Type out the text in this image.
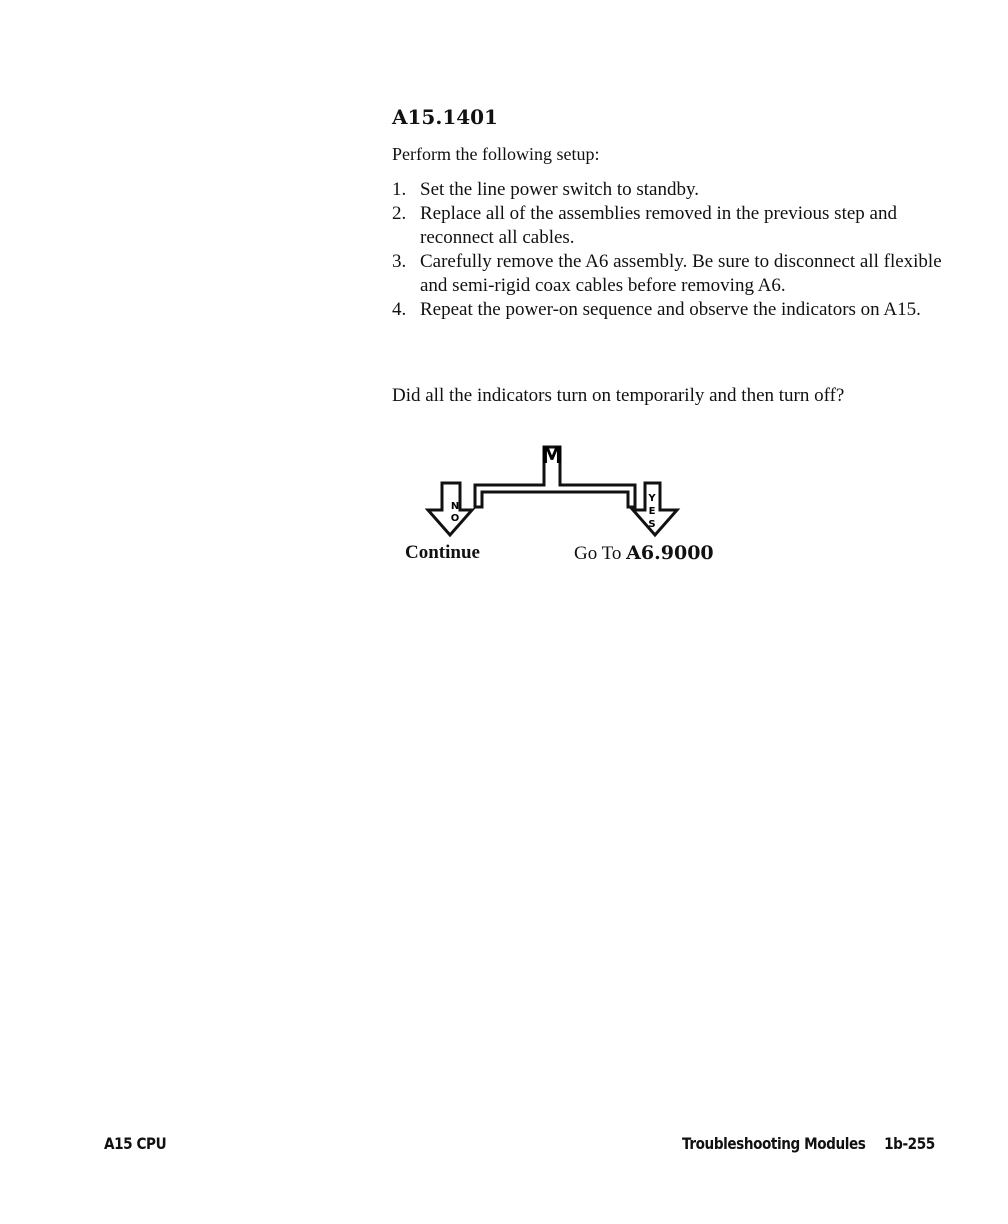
A15.1401

Perform the following setup:

1. Set the line power switch to standby.
2. Replace all of the assemblies removed in the previous step and reconnect all cables.
3. Carefully remove the A6 assembly. Be sure to disconnect all flexible and semi-rigid coax cables before removing A6.
4. Repeat the power-on sequence and observe the indicators on A15.

Did all the indicators turn on temporarily and then turn off?

M
N
O
Y
E
S

Continue	Go To A6.9000

A15 CPU	Troubleshooting Modules 1b-255
